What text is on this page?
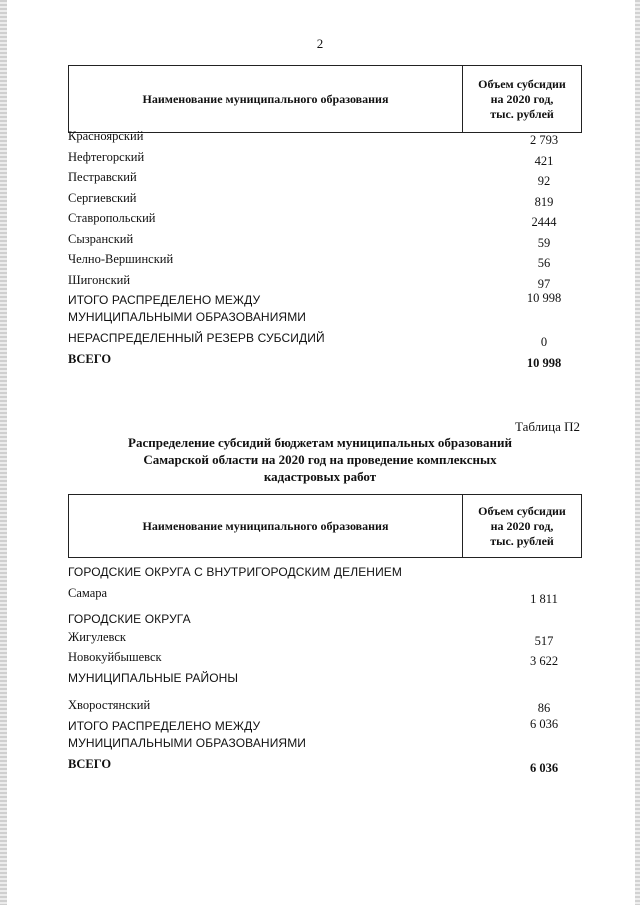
2
Наименование муниципального образования
Объем субсидии
на 2020 год,
тыс. рублей
Красноярский	2 793
Нефтегорский	421
Пестравский	92
Сергиевский	819
Ставропольский	2444
Сызранский	59
Челно-Вершинский	56
Шигонский	97
ИТОГО РАСПРЕДЕЛЕНО МЕЖДУ
МУНИЦИПАЛЬНЫМИ ОБРАЗОВАНИЯМИ
10 998
НЕРАСПРЕДЕЛЕННЫЙ РЕЗЕРВ СУБСИДИЙ	0
ВСЕГО	10 998
Таблица П2
Распределение субсидий бюджетам муниципальных образований
Самарской области на 2020 год на проведение комплексных
кадастровых работ
Наименование муниципального образования
Объем субсидии
на 2020 год,
тыс. рублей
ГОРОДСКИЕ ОКРУГА С ВНУТРИГОРОДСКИМ ДЕЛЕНИЕМ
Самара	1 811
ГОРОДСКИЕ ОКРУГА
Жигулевск	517
Новокуйбышевск	3 622
МУНИЦИПАЛЬНЫЕ РАЙОНЫ
Хворостянский	86
ИТОГО РАСПРЕДЕЛЕНО МЕЖДУ
МУНИЦИПАЛЬНЫМИ ОБРАЗОВАНИЯМИ
6 036
ВСЕГО	6 036
